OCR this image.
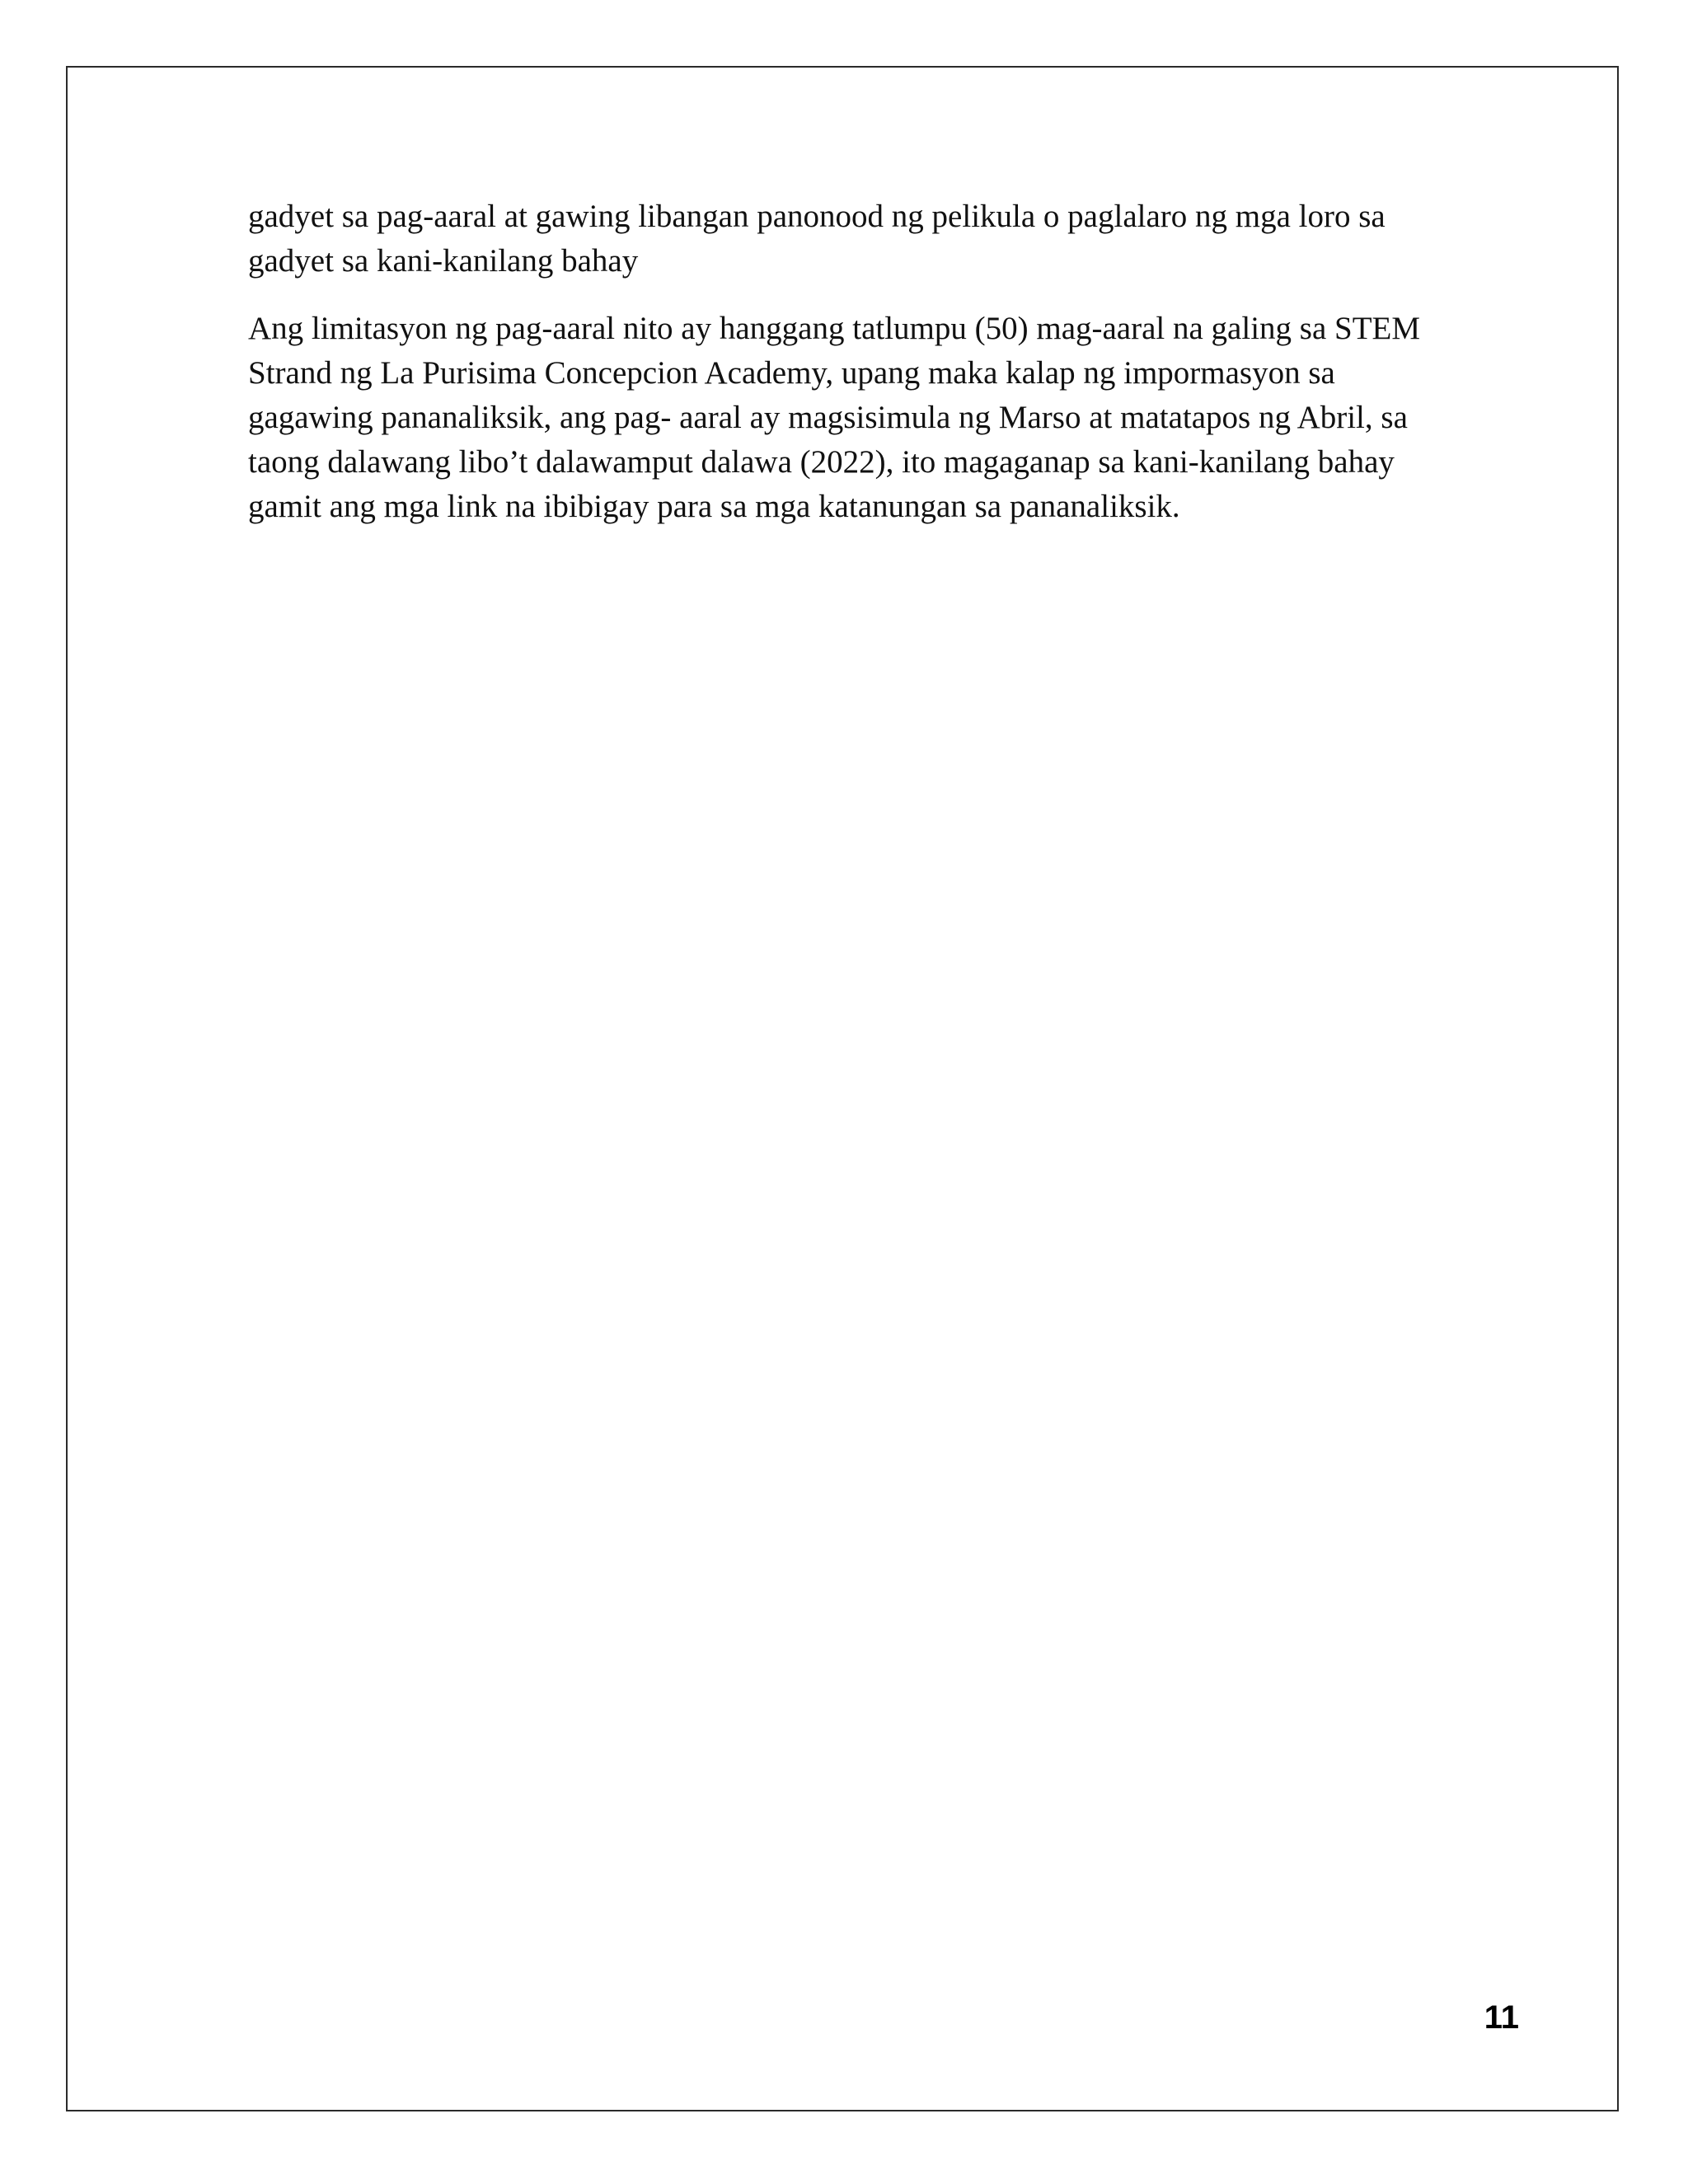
gadyet sa pag-aaral at gawing libangan panonood ng pelikula o paglalaro ng mga loro sa
gadyet sa kani-kanilang bahay

Ang limitasyon ng pag-aaral nito ay hanggang tatlumpu (50) mag-aaral na galing sa STEM
Strand ng La Purisima Concepcion Academy, upang maka kalap ng impormasyon sa
gagawing pananaliksik, ang pag- aaral ay magsisimula ng Marso at matatapos ng Abril, sa
taong dalawang libo’t dalawamput dalawa (2022), ito magaganap sa kani-kanilang bahay
gamit ang mga link na ibibigay para sa mga katanungan sa pananaliksik.

11
